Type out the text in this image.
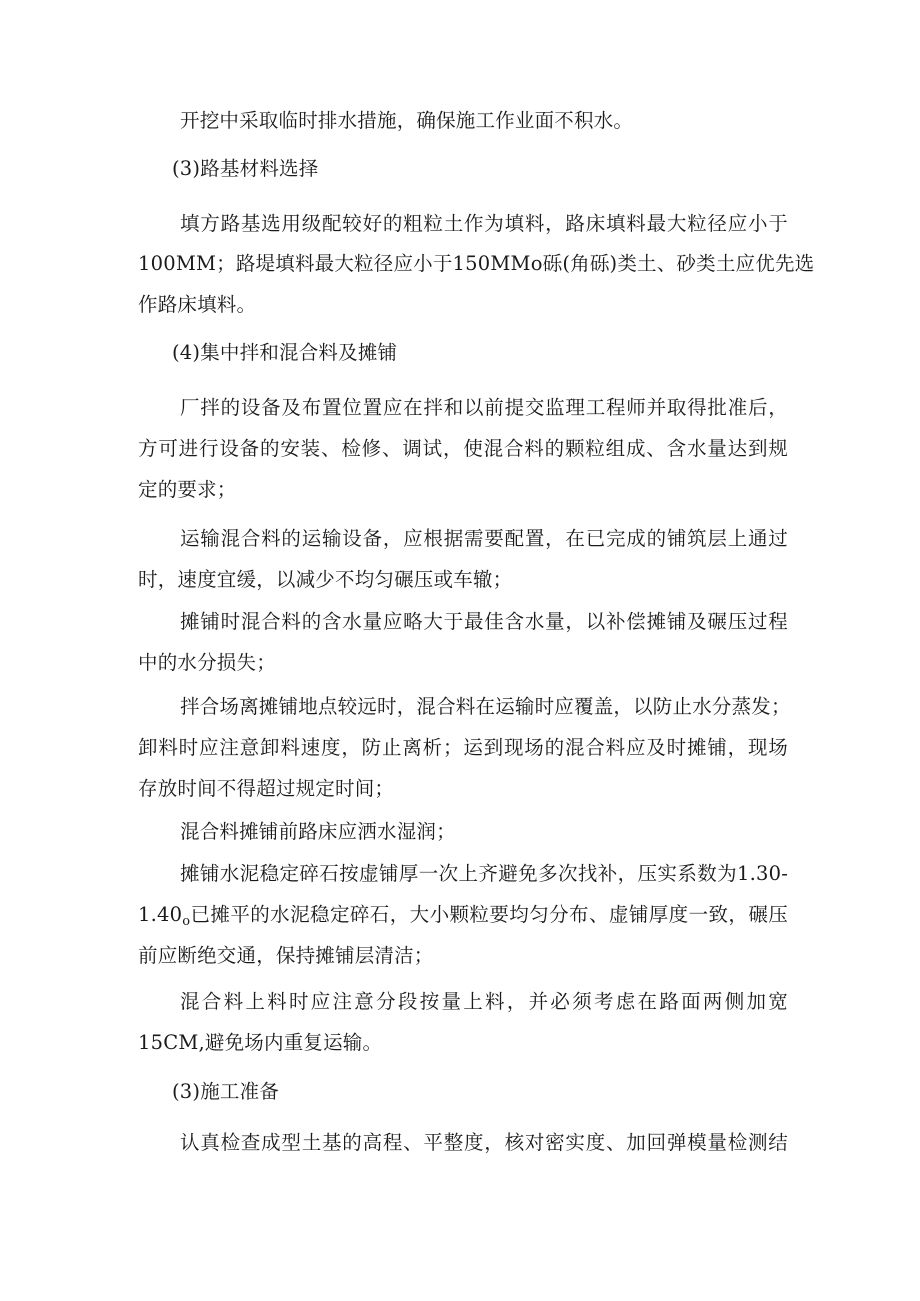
开挖中采取临时排水措施，确保施工作业面不积水。
(3)路基材料选择
填方路基选用级配较好的粗粒土作为填料，路床填料最大粒径应小于
100MM；路堤填料最大粒径应小于150MMo砾(角砾)类土、砂类土应优先选
作路床填料。
(4)集中拌和混合料及摊铺
厂拌的设备及布置位置应在拌和以前提交监理工程师并取得批准后，
方可进行设备的安装、检修、调试，使混合料的颗粒组成、含水量达到规
定的要求；
运输混合料的运输设备，应根据需要配置，在已完成的铺筑层上通过
时，速度宜缓，以减少不均匀碾压或车辙；
摊铺时混合料的含水量应略大于最佳含水量，以补偿摊铺及碾压过程
中的水分损失；
拌合场离摊铺地点较远时，混合料在运输时应覆盖，以防止水分蒸发；
卸料时应注意卸料速度，防止离析；运到现场的混合料应及时摊铺，现场
存放时间不得超过规定时间；
混合料摊铺前路床应洒水湿润；
摊铺水泥稳定碎石按虚铺厚一次上齐避免多次找补，压实系数为1.30-
$1.40_o$已摊平的水泥稳定碎石，大小颗粒要均匀分布、虚铺厚度一致，碾压
前应断绝交通，保持摊铺层清洁；
混合料上料时应注意分段按量上料，并必须考虑在路面两侧加宽
15CM,避免场内重复运输。
(3)施工准备
认真检查成型土基的高程、平整度，核对密实度、加回弹模量检测结
